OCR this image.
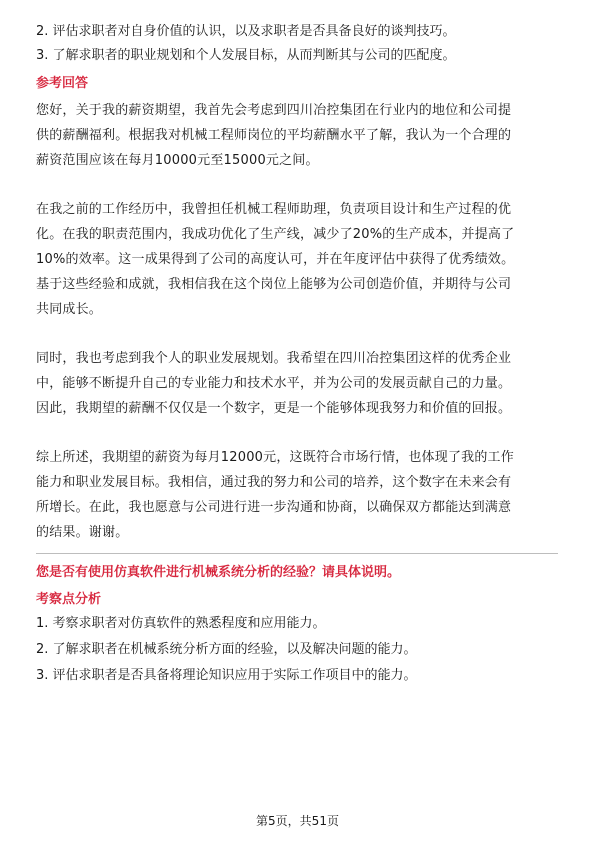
2. 评估求职者对自身价值的认识，以及求职者是否具备良好的谈判技巧。

3. 了解求职者的职业规划和个人发展目标，从而判断其与公司的匹配度。

参考回答

您好，关于我的薪资期望，我首先会考虑到四川冶控集团在行业内的地位和公司提

供的薪酬福利。根据我对机械工程师岗位的平均薪酬水平了解，我认为一个合理的

薪资范围应该在每月10000元至15000元之间。

在我之前的工作经历中，我曾担任机械工程师助理，负责项目设计和生产过程的优

化。在我的职责范围内，我成功优化了生产线，减少了20%的生产成本，并提高了

10%的效率。这一成果得到了公司的高度认可，并在年度评估中获得了优秀绩效。

基于这些经验和成就，我相信我在这个岗位上能够为公司创造价值，并期待与公司

共同成长。

同时，我也考虑到我个人的职业发展规划。我希望在四川冶控集团这样的优秀企业

中，能够不断提升自己的专业能力和技术水平，并为公司的发展贡献自己的力量。

因此，我期望的薪酬不仅仅是一个数字，更是一个能够体现我努力和价值的回报。

综上所述，我期望的薪资为每月12000元，这既符合市场行情，也体现了我的工作

能力和职业发展目标。我相信，通过我的努力和公司的培养，这个数字在未来会有

所增长。在此，我也愿意与公司进行进一步沟通和协商，以确保双方都能达到满意

的结果。谢谢。

您是否有使用仿真软件进行机械系统分析的经验？请具体说明。
考察点分析

1. 考察求职者对仿真软件的熟悉程度和应用能力。

2. 了解求职者在机械系统分析方面的经验，以及解决问题的能力。

3. 评估求职者是否具备将理论知识应用于实际工作项目中的能力。

第5页，共51页
